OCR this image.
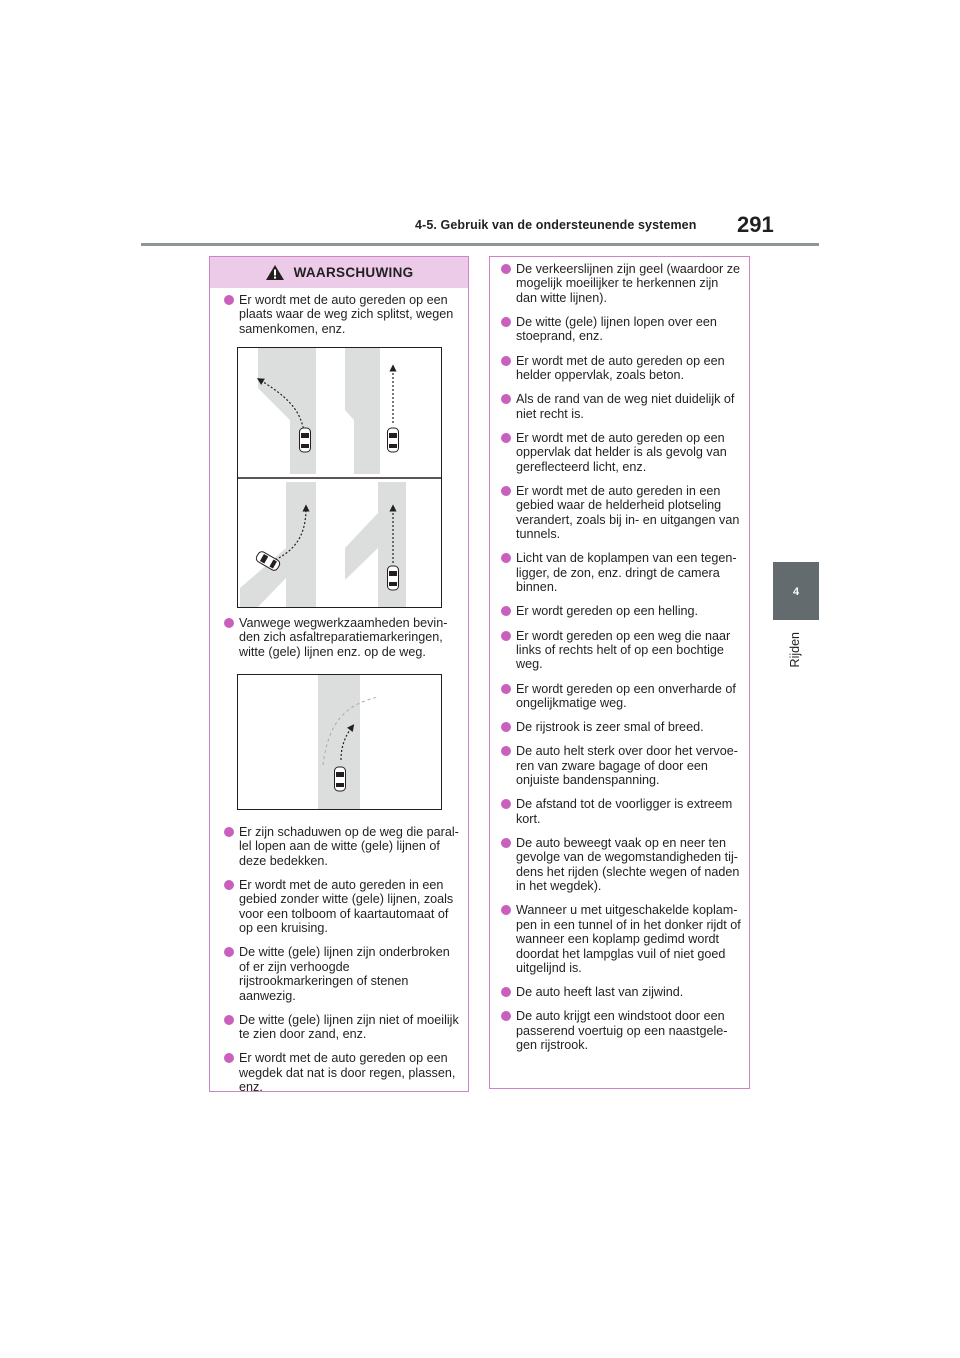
4-5. Gebruik van de ondersteunende systemen 291
4
Rijden
WAARSCHUWING
Er wordt met de auto gereden op een plaats waar de weg zich splitst, wegen samenkomen, enz.
Vanwege wegwerkzaamheden bevin-den zich asfaltreparatiemarkeringen, witte (gele) lijnen enz. op de weg.
Er zijn schaduwen op de weg die paral-lel lopen aan de witte (gele) lijnen of deze bedekken.
Er wordt met de auto gereden in een gebied zonder witte (gele) lijnen, zoals voor een tolboom of kaartautomaat of op een kruising.
De witte (gele) lijnen zijn onderbroken of er zijn verhoogde rijstrookmarkeringen of stenen aanwezig.
De witte (gele) lijnen zijn niet of moeilijk te zien door zand, enz.
Er wordt met de auto gereden op een wegdek dat nat is door regen, plassen, enz.
De verkeerslijnen zijn geel (waardoor ze mogelijk moeilijker te herkennen zijn dan witte lijnen).
De witte (gele) lijnen lopen over een stoeprand, enz.
Er wordt met de auto gereden op een helder oppervlak, zoals beton.
Als de rand van de weg niet duidelijk of niet recht is.
Er wordt met de auto gereden op een oppervlak dat helder is als gevolg van gereflecteerd licht, enz.
Er wordt met de auto gereden in een gebied waar de helderheid plotseling verandert, zoals bij in- en uitgangen van tunnels.
Licht van de koplampen van een tegen-ligger, de zon, enz. dringt de camera binnen.
Er wordt gereden op een helling.
Er wordt gereden op een weg die naar links of rechts helt of op een bochtige weg.
Er wordt gereden op een onverharde of ongelijkmatige weg.
De rijstrook is zeer smal of breed.
De auto helt sterk over door het vervoe-ren van zware bagage of door een onjuiste bandenspanning.
De afstand tot de voorligger is extreem kort.
De auto beweegt vaak op en neer ten gevolge van de wegomstandigheden tij-dens het rijden (slechte wegen of naden in het wegdek).
Wanneer u met uitgeschakelde koplam-pen in een tunnel of in het donker rijdt of wanneer een koplamp gedimd wordt doordat het lampglas vuil of niet goed uitgelijnd is.
De auto heeft last van zijwind.
De auto krijgt een windstoot door een passerend voertuig op een naastgele-gen rijstrook.
